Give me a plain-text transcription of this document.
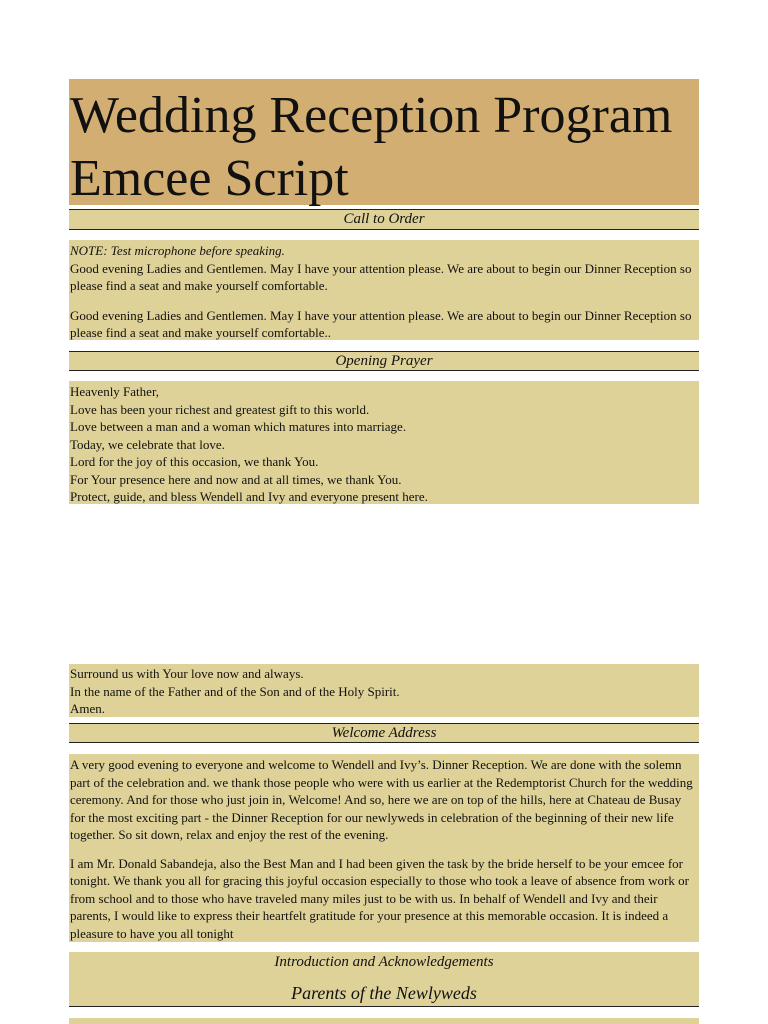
Wedding Reception Program
Emcee Script
Call to Order

NOTE: Test microphone before speaking.

Good evening Ladies and Gentlemen. May I have your attention please. We are about to begin our Dinner Reception so please find a seat and make yourself comfortable.

Good evening Ladies and Gentlemen. May I have your attention please. We are about to begin our Dinner Reception so please find a seat and make yourself comfortable..

Opening Prayer
Heavenly Father,
Love has been your richest and greatest gift to this world.
Love between a man and a woman which matures into marriage.
Today, we celebrate that love.
Lord for the joy of this occasion, we thank You.
For Your presence here and now and at all times, we thank You.
Protect, guide, and bless Wendell and Ivy and everyone present here.
Surround us with Your love now and always.
In the name of the Father and of the Son and of the Holy Spirit.
Amen.
Welcome Address

A very good evening to everyone and welcome to Wendell and Ivy’s. Dinner Reception. We are done with the solemn part of the celebration and. we thank those people who were with us earlier at the Redemptorist Church for the wedding ceremony. And for those who just join in, Welcome! And so, here we are on top of the hills, here at Chateau de Busay for the most exciting part - the Dinner Reception for our newlyweds in celebration of the beginning of their new life together. So sit down, relax and enjoy the rest of the evening.

I am Mr. Donald Sabandeja, also the Best Man and I had been given the task by the bride herself to be your emcee for tonight. We thank you all for gracing this joyful occasion especially to those who took a leave of absence from work or from school and to those who have traveled many miles just to be with us. In behalf of Wendell and Ivy and their parents, I would like to express their heartfelt gratitude for your presence at this memorable occasion. It is indeed a pleasure to have you all tonight

Introduction and Acknowledgements
Parents of the Newlyweds
